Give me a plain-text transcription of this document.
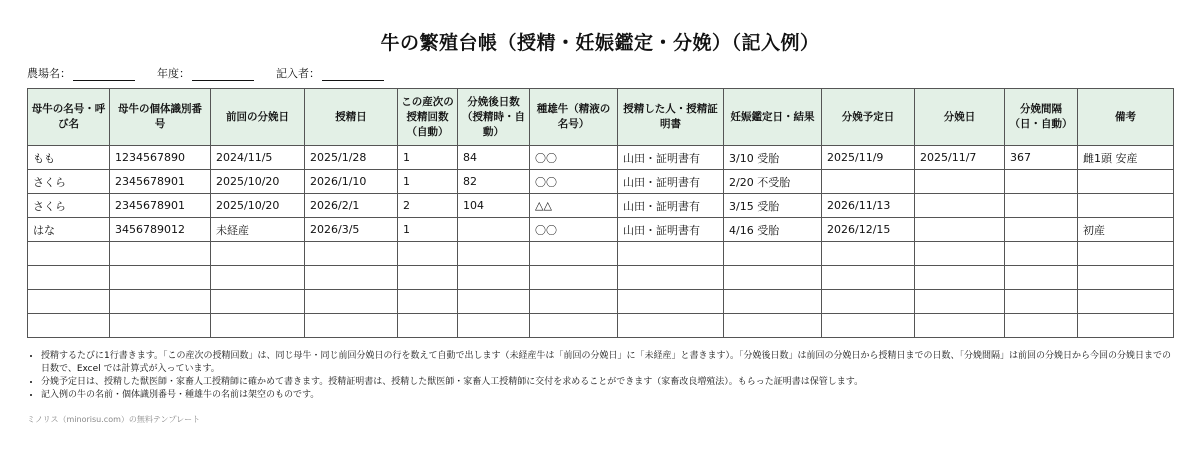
牛の繁殖台帳（授精・妊娠鑑定・分娩）（記入例）
農場名：	年度：	記入者：
母牛の名号・呼び名	母牛の個体識別番号	前回の分娩日	授精日	この産次の授精回数（自動）	分娩後日数（授精時・自動）	種雄牛（精液の名号）	授精した人・授精証明書	妊娠鑑定日・結果	分娩予定日	分娩日	分娩間隔（日・自動）	備考
もも	1234567890	2024/11/5	2025/1/28	1	84	〇〇	山田・証明書有	3/10 受胎	2025/11/9	2025/11/7	367	雌1頭 安産
さくら	2345678901	2025/10/20	2026/1/10	1	82	〇〇	山田・証明書有	2/20 不受胎				
さくら	2345678901	2025/10/20	2026/2/1	2	104	△△	山田・証明書有	3/15 受胎	2026/11/13			
はな	3456789012	未経産	2026/3/5	1		〇〇	山田・証明書有	4/16 受胎	2026/12/15			初産

• 授精するたびに1行書きます。「この産次の授精回数」は、同じ母牛・同じ前回分娩日の行を数えて自動で出します（未経産牛は「前回の分娩日」に「未経産」と書きます）。「分娩後日数」は前回の分娩日から授精日までの日数、「分娩間隔」は前回の分娩日から今回の分娩日までの日数で、Excel では計算式が入っています。
• 分娩予定日は、授精した獣医師・家畜人工授精師に確かめて書きます。授精証明書は、授精した獣医師・家畜人工授精師に交付を求めることができます（家畜改良増殖法）。もらった証明書は保管します。
• 記入例の牛の名前・個体識別番号・種雄牛の名前は架空のものです。
ミノリス（minorisu.com）の無料テンプレート
